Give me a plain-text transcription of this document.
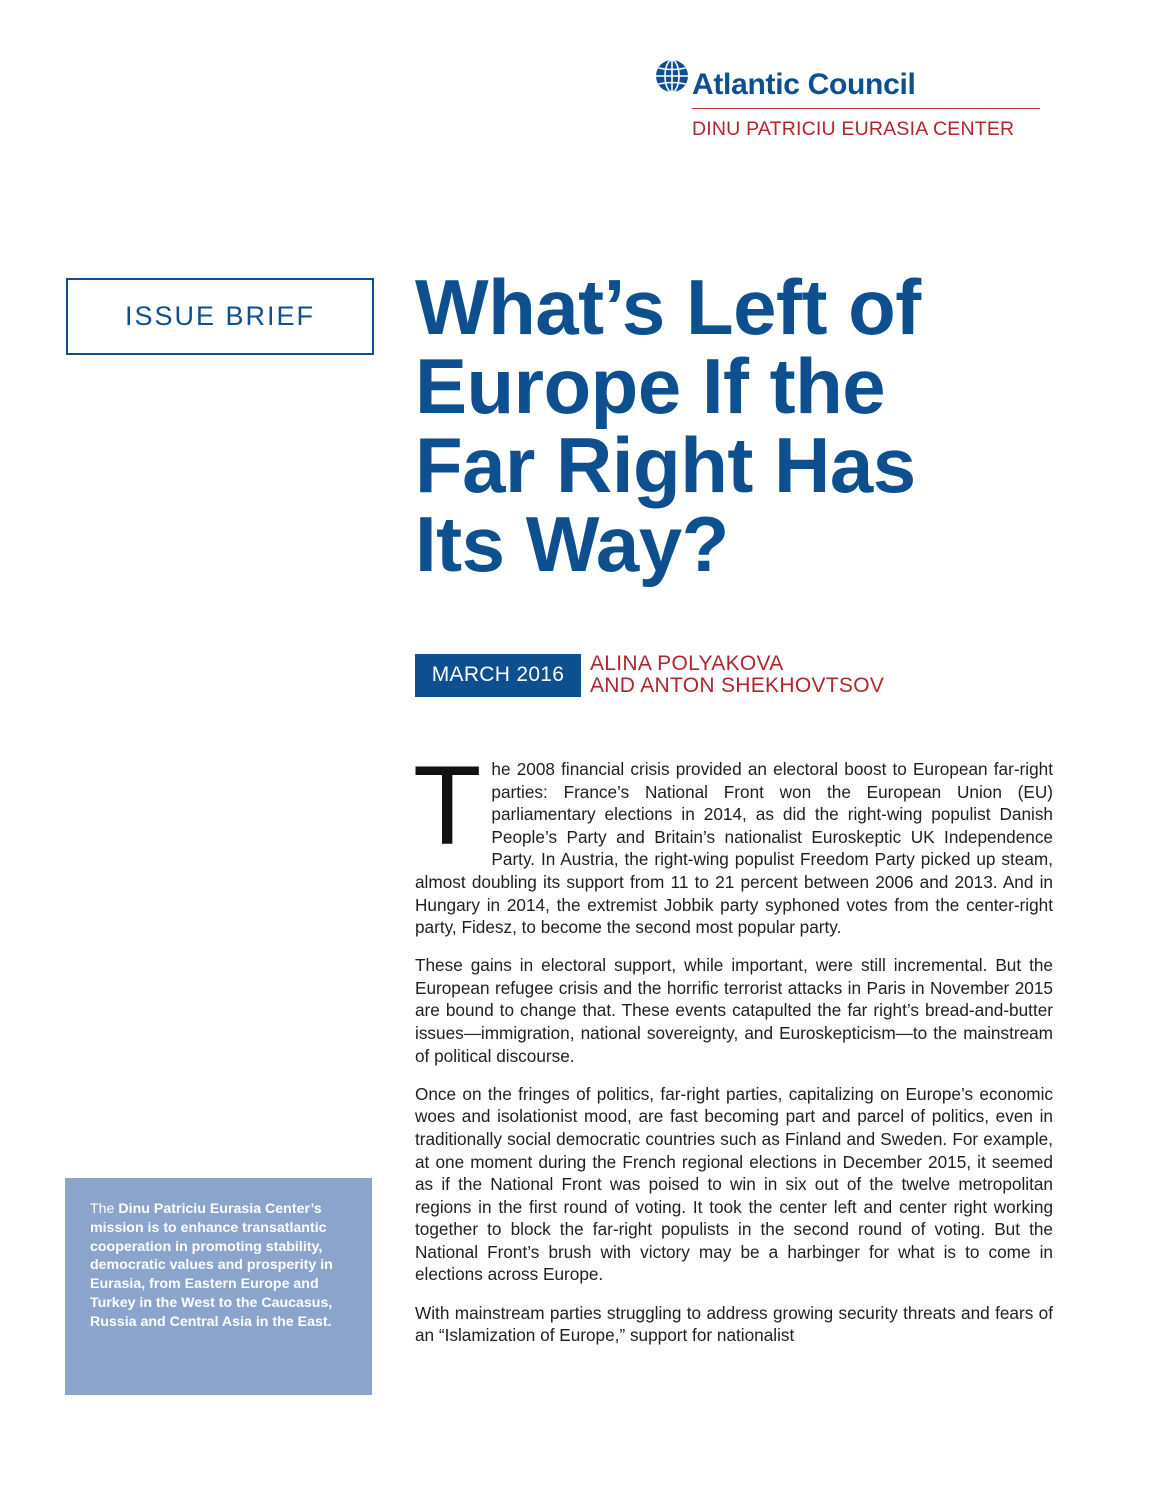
Atlantic Council
DINU PATRICIU EURASIA CENTER
ISSUE BRIEF	What’s Left of
Europe If the
Far Right Has
Its Way?
MARCH 2016	ALINA POLYAKOVA
AND ANTON SHEKHOVTSOV

The 2008 financial crisis provided an electoral boost to European far-right parties: France’s National Front won the European Union (EU) parliamentary elections in 2014, as did the right-wing populist Danish People’s Party and Britain’s nationalist Euroskeptic UK Independence Party. In Austria, the right-wing populist Freedom Party picked up steam, almost doubling its support from 11 to 21 percent between 2006 and 2013. And in Hungary in 2014, the extremist Jobbik party syphoned votes from the center-right party, Fidesz, to become the second most popular party.

These gains in electoral support, while important, were still incremental. But the European refugee crisis and the horrific terrorist attacks in Paris in November 2015 are bound to change that. These events catapulted the far right’s bread-and-butter issues—immigration, national sovereignty, and Euroskepticism—to the mainstream of political discourse.

Once on the fringes of politics, far-right parties, capitalizing on Europe’s economic woes and isolationist mood, are fast becoming part and parcel of politics, even in traditionally social democratic countries such as Finland and Sweden. For example, at one moment during the French regional elections in December 2015, it seemed as if the National Front was poised to win in six out of the twelve metropolitan regions in the first round of voting. It took the center left and center right working together to block the far-right populists in the second round of voting. But the National Front’s brush with victory may be a harbinger for what is to come in elections across Europe.

With mainstream parties struggling to address growing security threats and fears of an “Islamization of Europe,” support for nationalist

The Dinu Patriciu Eurasia Center’s mission is to enhance transatlantic cooperation in promoting stability, democratic values and prosperity in Eurasia, from Eastern Europe and Turkey in the West to the Caucasus, Russia and Central Asia in the East.
